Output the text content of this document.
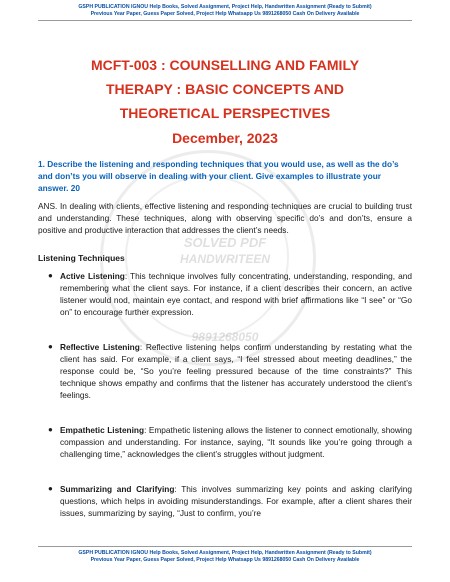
GSPH PUBLICATION IGNOU Help Books, Solved Assignment, Project Help, Handwritten Assignment (Ready to Submit)
Previous Year Paper, Guess Paper Solved, Project Help Whatsapp Us 9891268050 Cash On Delivery Available
SOLVED PDF
HANDWRITEEN
9891268050
MCFT-003 : COUNSELLING AND FAMILY
THERAPY : BASIC CONCEPTS AND
THEORETICAL PERSPECTIVES
December, 2023
1. Describe the listening and responding techniques that you would use, as well as the do’s and don’ts you will observe in dealing with your client. Give examples to illustrate your answer. 20
ANS. In dealing with clients, effective listening and responding techniques are crucial to building trust and understanding. These techniques, along with observing specific do’s and don’ts, ensure a positive and productive interaction that addresses the client’s needs.
Listening Techniques
● Active Listening: This technique involves fully concentrating, understanding, responding, and remembering what the client says. For instance, if a client describes their concern, an active listener would nod, maintain eye contact, and respond with brief affirmations like “I see” or “Go on” to encourage further expression.
● Reflective Listening: Reflective listening helps confirm understanding by restating what the client has said. For example, if a client says, “I feel stressed about meeting deadlines,” the response could be, “So you’re feeling pressured because of the time constraints?” This technique shows empathy and confirms that the listener has accurately understood the client’s feelings.
● Empathetic Listening: Empathetic listening allows the listener to connect emotionally, showing compassion and understanding. For instance, saying, “It sounds like you’re going through a challenging time,” acknowledges the client’s struggles without judgment.
● Summarizing and Clarifying: This involves summarizing key points and asking clarifying questions, which helps in avoiding misunderstandings. For example, after a client shares their issues, summarizing by saying, “Just to confirm, you’re
GSPH PUBLICATION IGNOU Help Books, Solved Assignment, Project Help, Handwritten Assignment (Ready to Submit)
Previous Year Paper, Guess Paper Solved, Project Help Whatsapp Us 9891268050 Cash On Delivery Available
